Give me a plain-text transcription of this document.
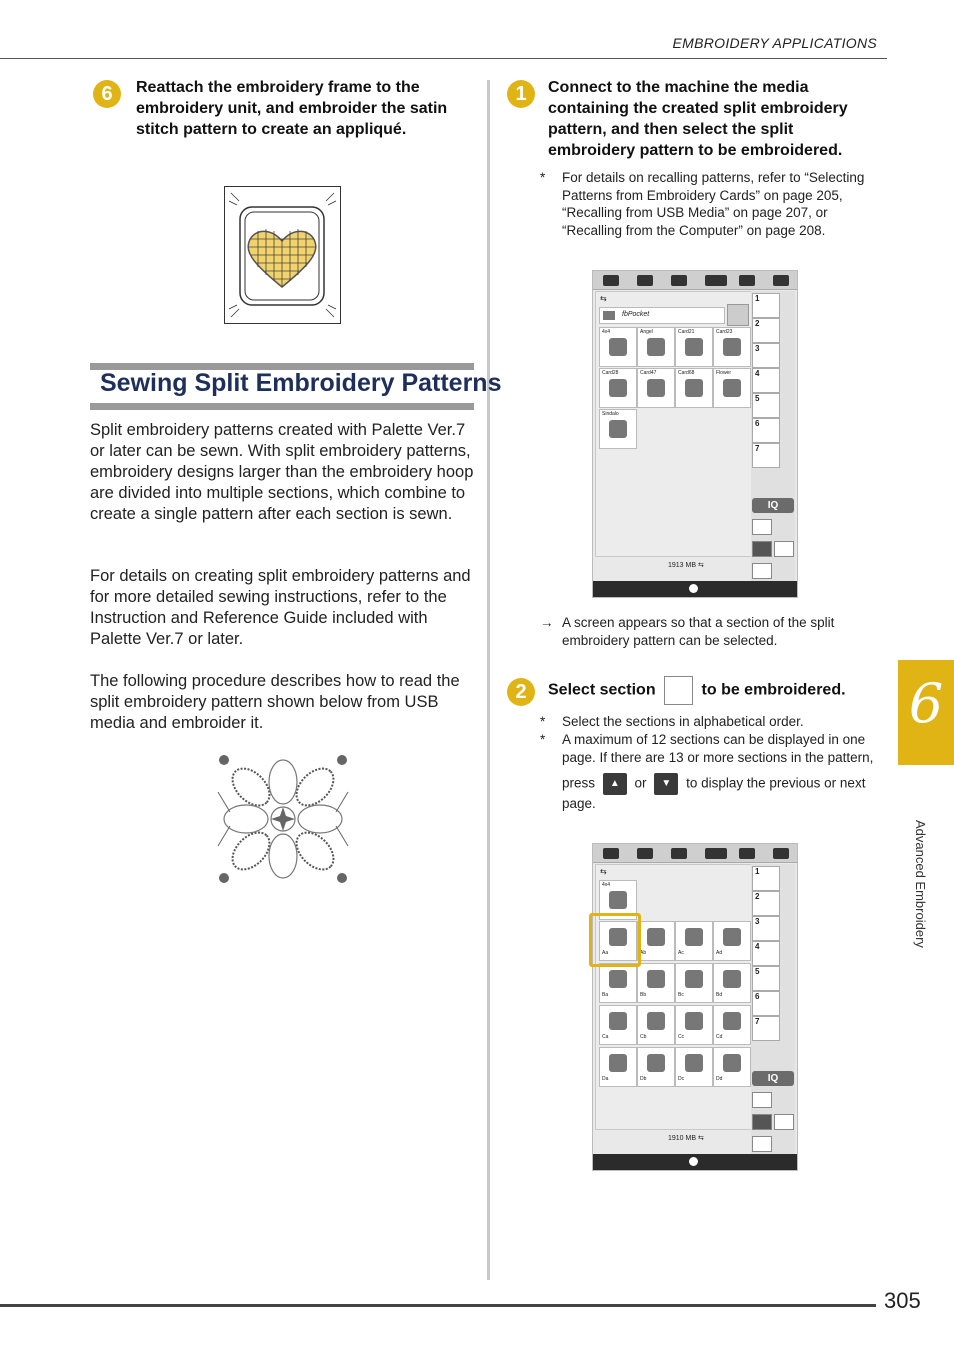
EMBROIDERY APPLICATIONS
6	Reattach the embroidery frame to the embroidery unit, and embroider the satin stitch pattern to create an appliqué.
Sewing Split Embroidery Patterns
Split embroidery patterns created with Palette Ver.7 or later can be sewn. With split embroidery patterns, embroidery designs larger than the embroidery hoop are divided into multiple sections, which combine to create a single pattern after each section is sewn.
For details on creating split embroidery patterns and for more detailed sewing instructions, refer to the Instruction and Reference Guide included with Palette Ver.7 or later.
The following procedure describes how to read the split embroidery pattern shown below from USB media and embroider it.
1	Connect to the machine the media containing the created split embroidery pattern, and then select the split embroidery pattern to be embroidered.
* For details on recalling patterns, refer to “Selecting Patterns from Embroidery Cards” on page 205, “Recalling from USB Media” on page 207, or “Recalling from the Computer” on page 208.
⇆
fbPocket
4x4	Angel	Card21	Card23
Card28	Card47	Card68	Flower
Sindalo
1
2
3
4
5
6
7
IQ
1913 MB ⇆
→ A screen appears so that a section of the split embroidery pattern can be selected.
2	Select section	to be embroidered.
* Select the sections in alphabetical order.
* A maximum of 12 sections can be displayed in one page. If there are 13 or more sections in the pattern,

press ▲ or ▼ to display the previous or next page.
⇆
4x4
Aa	Ab	Ac	Ad
Ba	Bb	Bc	Bd
Ca	Cb	Cc	Cd
Da	Db	Dc	Dd
1
2
3
4
5
6
7
IQ
1910 MB ⇆
6
Advanced Embroidery
305
